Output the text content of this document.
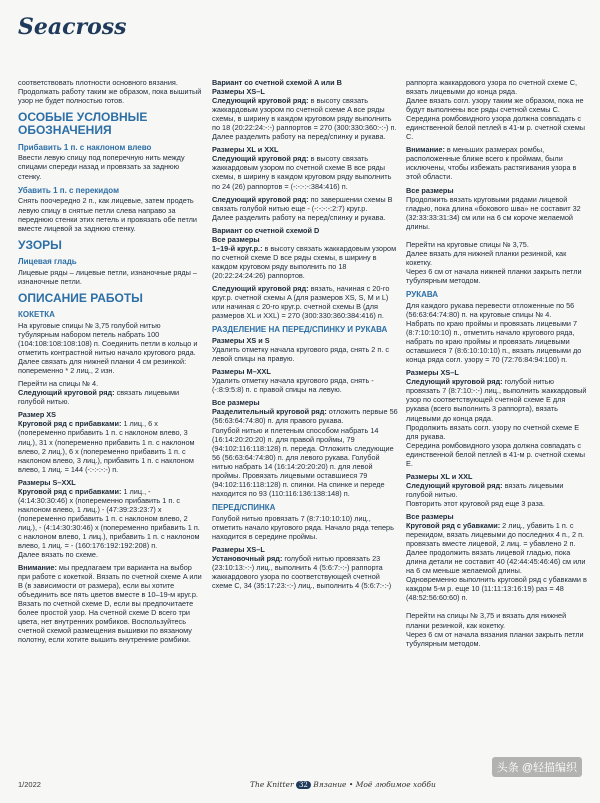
Seacross

соответствовать плотности основного вязания. Продолжать работу таким же образом, пока вышитый узор не будет полностью готов.

ОСОБЫЕ УСЛОВНЫЕ ОБОЗНАЧЕНИЯ
Прибавить 1 п. с наклоном влево

Ввести левую спицу под поперечную нить между спицами спереди назад и провязать за заднюю стенку.

Убавить 1 п. с перекидом

Снять поочередно 2 п., как лицевые, затем продеть левую спицу в снятые петли слева направо за переднюю стенки этих петель и провязать обе петли вместе лицевой за заднюю стенку.

УЗОРЫ
Лицевая гладь

Лицевые ряды – лицевые петли, изнаночные ряды – изнаночные петли.

ОПИСАНИЕ РАБОТЫ
КОКЕТКА

На круговые спицы № 3,75 голубой нитью тубулярным набором петель набрать 100 (104:108:108:108:108) п. Соединить петли в кольцо и отметить контрастной нитью начало кругового ряда.
Далее связать для нижней планки 4 см резинкой: попеременно * 2 лиц., 2 изн.

Перейти на спицы № 4.
Следующий круговой ряд: связать лицевыми голубой нитью.

Размер XS

Круговой ряд с прибавками: 1 лиц., 6 х (попеременно прибавить 1 п. с наклоном влево, 3 лиц.), 31 х (попеременно прибавить 1 п. с наклоном влево, 2 лиц.), 6 х (попеременно прибавить 1 п. с наклоном влево, 3 лиц.), прибавить 1 п. с наклоном влево, 1 лиц. = 144 (-:-:-:-:-) п.

Размеры S–XXL

Круговой ряд с прибавками: 1 лиц., - (4:14:30:30:46) х (попеременно прибавить 1 п. с наклоном влево, 1 лиц.) - (47:39:23:23:7) х (попеременно прибавить 1 п. с наклоном влево, 2 лиц.), - (4:14:30:30:46) х (попеременно прибавить 1 п. с наклоном влево, 1 лиц.), прибавить 1 п. с наклоном влево, 1 лиц. = - (160:176:192:192:208) п.
Далее вязать по схеме.

Внимание: мы предлагаем три варианта на выбор при работе с кокеткой. Вязать по счетной схеме A или B (в зависимости от размера), если вы хотите объединить все пять цветов вместе в 10–19-м круг.р. Вязать по счетной схеме D, если вы предпочитаете более простой узор. На счетной схеме D всего три цвета, нет внутренних ромбиков. Воспользуйтесь счетной схемой размещения вышивки по вязаному полотну, если хотите вышить внутренние ромбики.

Вариант со счетной схемой A или B
Размеры XS–L

Следующий круговой ряд: в высоту связать жаккардовым узором по счетной схеме A все ряды схемы, в ширину в каждом круговом ряду выполнить по 18 (20:22:24:-:-) раппортов = 270 (300:330:360:-:-) п.
Далее разделить работу на перед/спинку и рукава.

Размеры XL и XXL

Следующий круговой ряд: в высоту связать жаккардовым узором по счетной схеме B все ряды схемы, в ширину в каждом круговом ряду выполнить по 24 (26) раппортов = (-:-:-:-:384:416) п.

Следующий круговой ряд: по завершении схемы B связать голубой нитью еще - (-:-:-:-:2:7) круг.р.
Далее разделить работу на перед/спинку и рукава.

Вариант со счетной схемой D
Все размеры

1–19-й круг.р.: в высоту связать жаккардовым узором по счетной схеме D все ряды схемы, в ширину в каждом круговом ряду выполнить по 18 (20:22:24:24:26) раппортов.

Следующий круговой ряд: вязать, начиная с 20-го круг.р. счетной схемы A (для размеров XS, S, M и L) или начиная с 20-го круг.р. счетной схемы B (для размеров XL и XXL) = 270 (300:330:360:384:416) п.

РАЗДЕЛЕНИЕ НА ПЕРЕД/СПИНКУ И РУКАВА
Размеры XS и S

Удалить отметку начала кругового ряда, снять 2 п. с левой спицы на правую.

Размеры M–XXL

Удалить отметку начала кругового ряда, снять - (-:8:9:5:8) п. с правой спицы на левую.

Все размеры

Разделительный круговой ряд: отложить первые 56 (56:63:64:74:80) п. для правого рукава.
Голубой нитью и плетеным способом набрать 14 (16:14:20:20:20) п. для правой проймы, 79 (94:102:116:118:128) п. переда. Отложить следующие 56 (56:63:64:74:80) п. для левого рукава. Голубой нитью набрать 14 (16:14:20:20:20) п. для левой проймы. Провязать лицевыми оставшиеся 79 (94:102:116:118:128) п. спинки. На спинке и переде находится по 93 (110:116:136:138:148) п.

ПЕРЕД/СПИНКА

Голубой нитью провязать 7 (8:7:10:10:10) лиц., отметить начало кругового ряда. Начало ряда теперь находится в середине проймы.

Размеры XS–L

Установочный ряд: голубой нитью провязать 23 (23:10:13:-:-) лиц., выполнить 4 (5:6:7:-:-) раппорта жаккардового узора по соответствующей счетной схеме C, 34 (35:17:23:-:-) лиц., выполнить 4 (5:6:7:-:-)

раппорта жаккардового узора по счетной схеме C, вязать лицевыми до конца ряда.
Далее вязать согл. узору таким же образом, пока не будут выполнены все ряды счетной схемы C.
Середина ромбовидного узора должна совпадать с единственной белой петлей в 41-м р. счетной схемы C.

Внимание: в меньших размерах ромбы, расположенные ближе всего к проймам, были исключены, чтобы избежать растягивания узора в этой области.

Все размеры

Продолжить вязать круговыми рядами лицевой гладью, пока длина «бокового шва» не составит 32 (32:33:33:31:34) см или на 6 см короче желаемой длины.

Перейти на круговые спицы № 3,75.
Далее вязать для нижней планки резинкой, как кокетку.
Через 6 см от начала нижней планки закрыть петли тубулярным методом.

РУКАВА

Для каждого рукава перевести отложенные по 56 (56:63:64:74:80) п. на круговые спицы № 4.
Набрать по краю проймы и провязать лицевыми 7 (8:7:10:10:10) п., отметить начало кругового ряда, набрать по краю проймы и провязать лицевыми оставшиеся 7 (8:6:10:10:10) п., вязать лицевыми до конца ряда согл. узору = 70 (72:76:84:94:100) п.

Размеры XS–L

Следующий круговой ряд: голубой нитью провязать 7 (8:7:10:-:-) лиц., выполнить жаккардовый узор по соответствующей счетной схеме E для рукава (всего выполнить 3 раппорта), вязать лицевыми до конца ряда.
Продолжить вязать согл. узору по счетной схеме E для рукава.
Середина ромбовидного узора должна совпадать с единственной белой петлей в 41-м р. счетной схемы E.

Размеры XL и XXL

Следующий круговой ряд: вязать лицевыми голубой нитью.
Повторить этот круговой ряд еще 3 раза.

Все размеры

Круговой ряд с убавками: 2 лиц., убавить 1 п. с перекидом, вязать лицевыми до последних 4 п., 2 п. провязать вместе лицевой, 2 лиц. = убавлено 2 п.
Далее продолжить вязать лицевой гладью, пока длина детали не составит 40 (42:44:45:46:46) см или на 6 см меньше желаемой длины.
Одновременно выполнить круговой ряд с убавками в каждом 5-м р. еще 10 (11:11:13:16:19) раз = 48 (48:52:56:60:60) п.

Перейти на спицы № 3,75 и вязать для нижней планки резинкой, как кокетку.
Через 6 см от начала вязания планки закрыть петли тубулярным методом.

1/2022	The Knitter 32 Вязание • Моё любимое хобби
头条 @轻描编织
